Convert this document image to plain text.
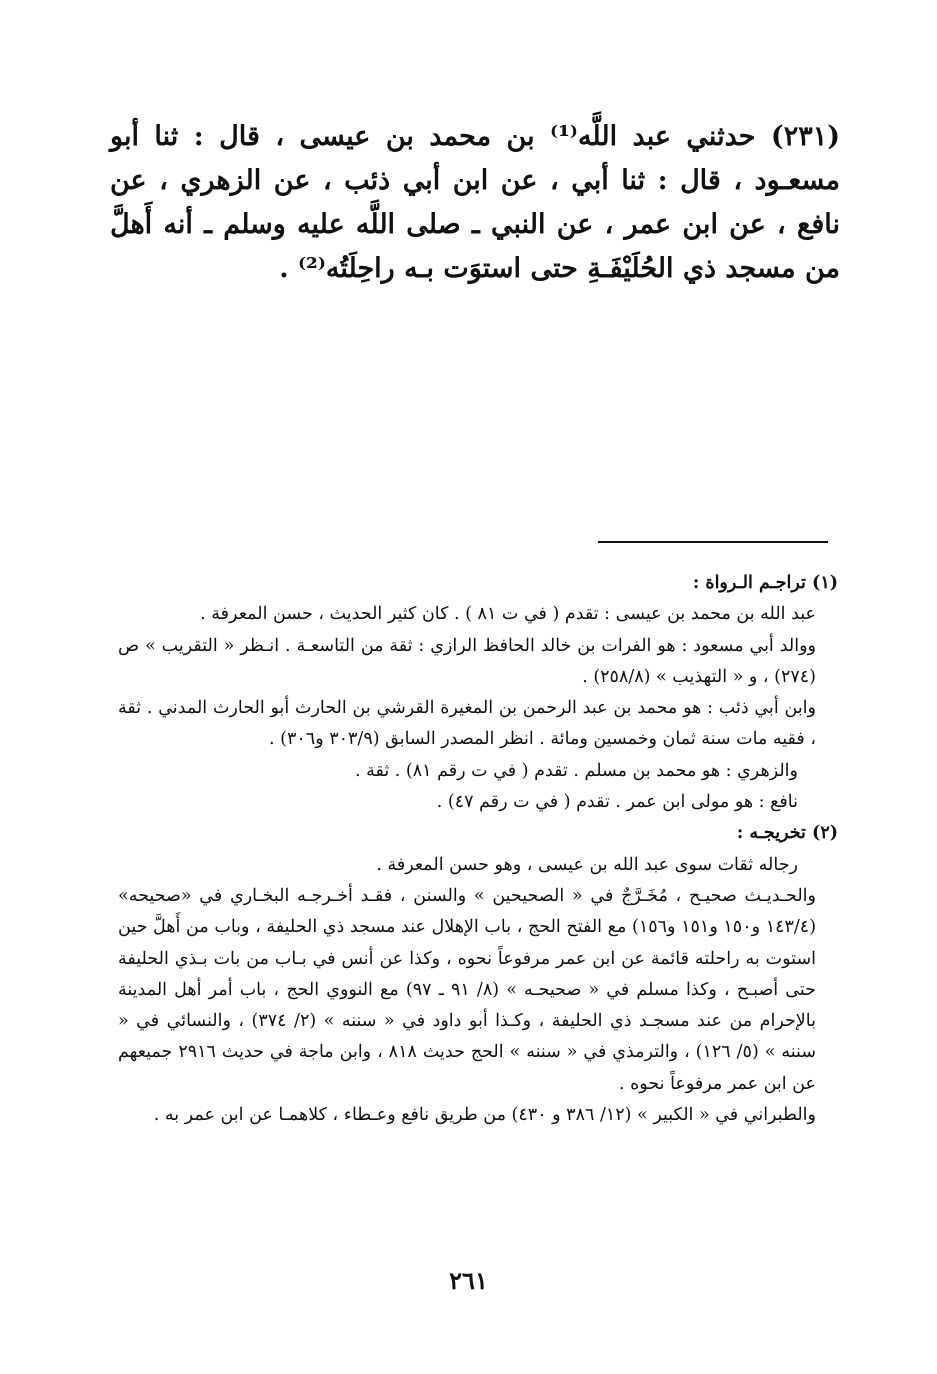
(٢٣١) حدثني عبد اللَّه⁽¹⁾ بن محمد بن عيسى ، قال : ثنا أبو مسعـود ، قال : ثنا أبي ، عن ابن أبي ذئب ، عن الزهري ، عن نافع ، عن ابن عمر ، عن النبي ـ صلى اللَّه عليه وسلم ـ أنه أَهلَّ من مسجد ذي الحُلَيْفَـةِ حتى استوَت بـه راحِلَتُه⁽²⁾ .

(١) تراجـم الـرواة :

عبد الله بن محمد بن عيسى : تقدم ( في ت ٨١ ) . كان كثير الحديث ، حسن المعرفة .

ووالد أبي مسعود : هو الفرات بن خالد الحافظ الرازي : ثقة من التاسعـة . انـظر « التقريب » ص (٢٧٤) ، و « التهذيب » (٢٥٨/٨) .

وابن أبي ذئب : هو محمد بن عبد الرحمن بن المغيرة القرشي بن الحارث أبو الحارث المدني . ثقة ، فقيه مات سنة ثمان وخمسين ومائة . انظر المصدر السابق (٣٠٣/٩ و٣٠٦) .

والزهري : هو محمد بن مسلم . تقدم ( في ت رقم ٨١) . ثقة .

نافع : هو مولى ابن عمر . تقدم ( في ت رقم ٤٧) .

(٢) تخريجـه :

رجاله ثقات سوى عبد الله بن عيسى ، وهو حسن المعرفة .

والحـديـث صحيـح ، مُخَـرَّجٌ في « الصحيحين » والسنن ، فقـد أخـرجـه البخـاري في «صحيحه» (١٤٣/٤ و١٥٠ و١٥١ و١٥٦) مع الفتح الحج ، باب الإهلال عند مسجد ذي الحليفة ، وباب من أَهلَّ حين استوت به راحلته قائمة عن ابن عمر مرفوعاً نحوه ، وكذا عن أنس في بـاب من بات بـذي الحليفة حتى أصبـح ، وكذا مسلم في « صحيحـه » (٨/ ٩١ ـ ٩٧) مع النووي الحج ، باب أمر أهل المدينة بالإحرام من عند مسجـد ذي الحليفة ، وكـذا أبو داود في « سننه » (٢/ ٣٧٤) ، والنسائي في « سننه » (٥/ ١٢٦) ، والترمذي في « سننه » الحج حديث ٨١٨ ، وابن ماجة في حديث ٢٩١٦ جميعهم عن ابن عمر مرفوعاً نحوه .

والطبراني في « الكبير » (١٢/ ٣٨٦ و ٤٣٠) من طريق نافع وعـطاء ، كلاهمـا عن ابن عمر به .

٢٦١
